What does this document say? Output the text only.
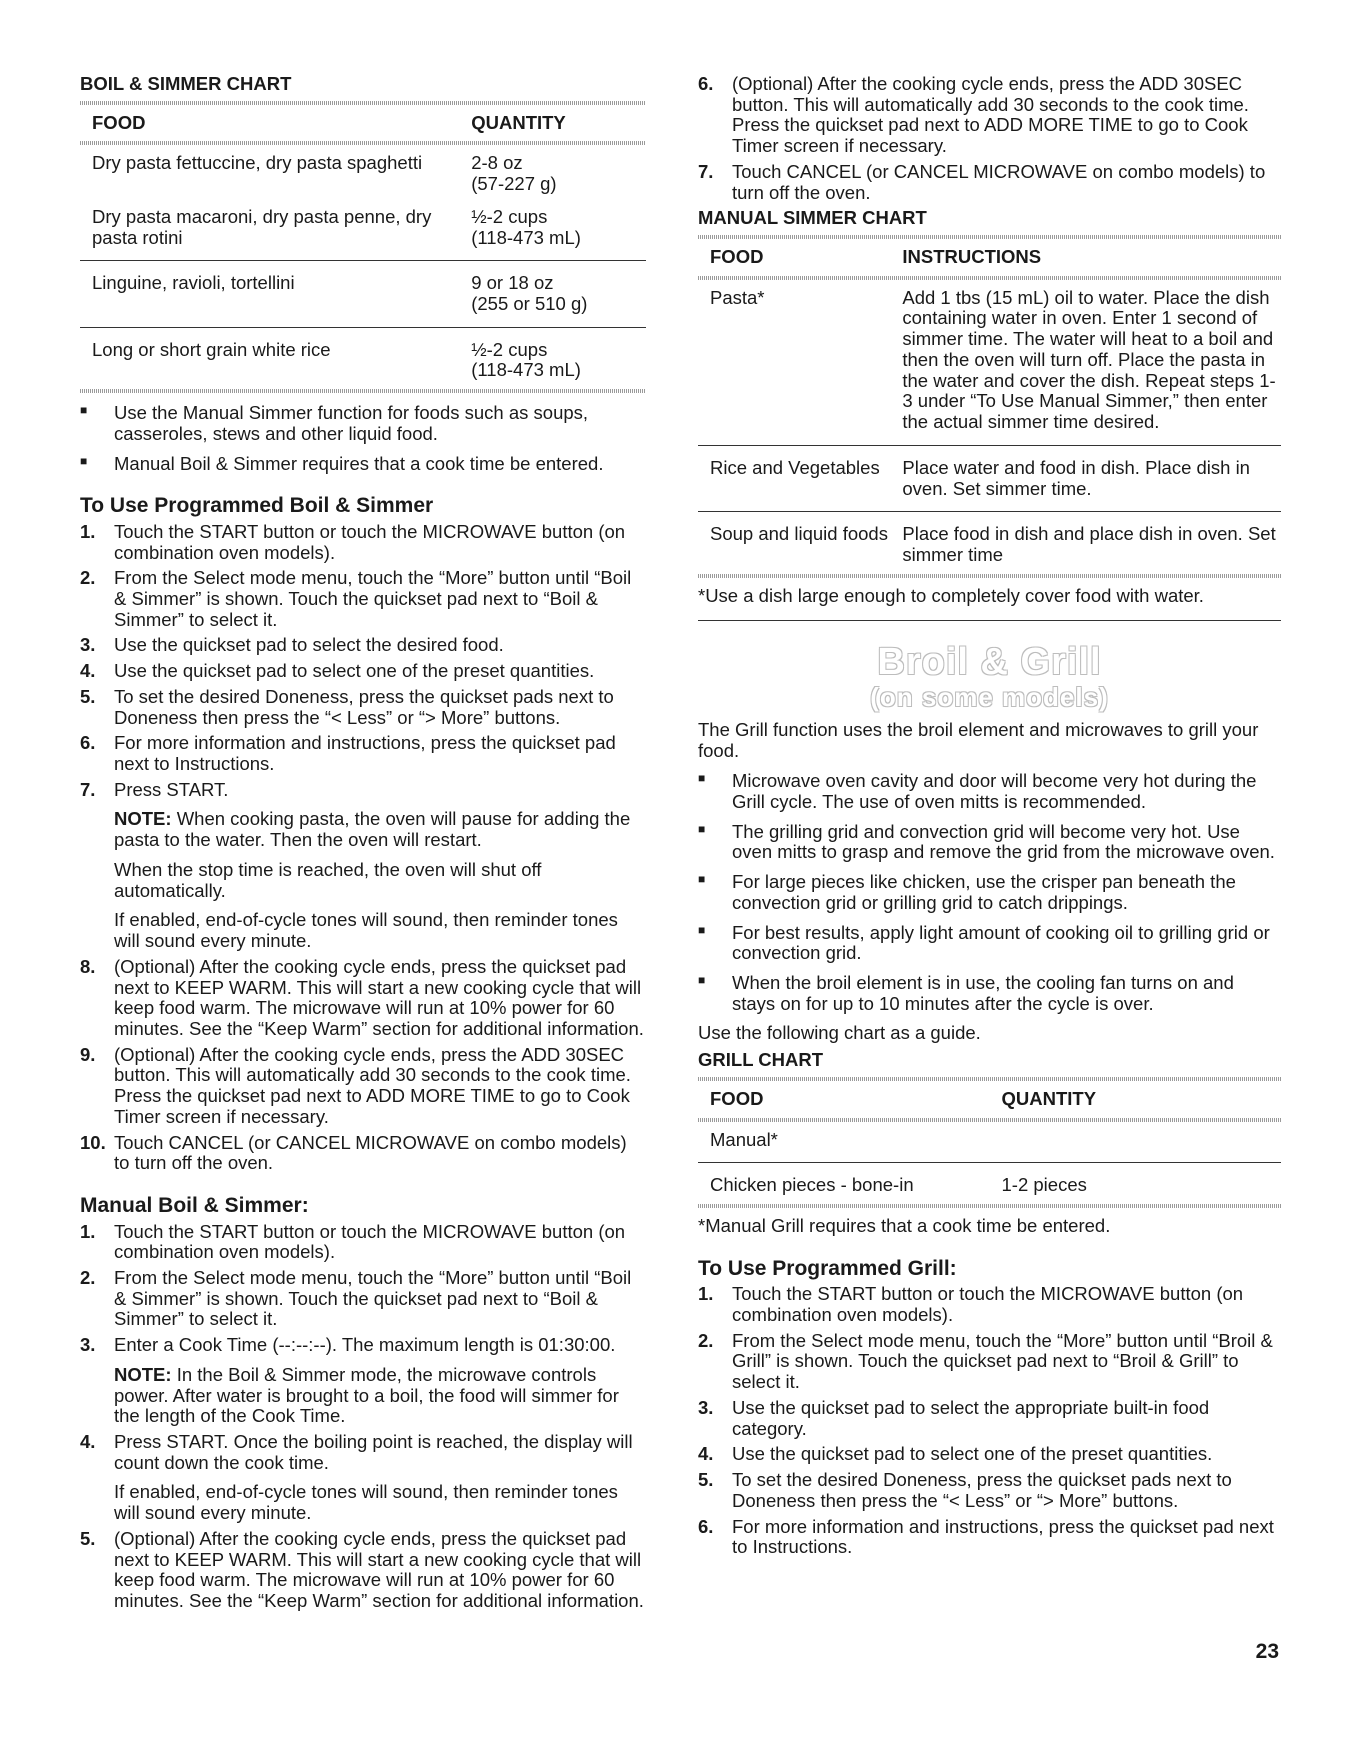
BOIL & SIMMER CHART
FOOD	QUANTITY

Dry pasta fettuccine, dry pasta spaghetti	2-8 oz
(57-227 g)
Dry pasta macaroni, dry pasta penne, dry pasta rotini	½-2 cups
(118-473 mL)
Linguine, ravioli, tortellini	9 or 18 oz
(255 or 510 g)
Long or short grain white rice	½-2 cups
(118-473 mL)
■ Use the Manual Simmer function for foods such as soups, casseroles, stews and other liquid food.
■ Manual Boil & Simmer requires that a cook time be entered.
To Use Programmed Boil & Simmer
1. Touch the START button or touch the MICROWAVE button (on combination oven models).

2. From the Select mode menu, touch the “More” button until “Boil & Simmer” is shown. Touch the quickset pad next to “Boil & Simmer” to select it.

3. Use the quickset pad to select the desired food.

4. Use the quickset pad to select one of the preset quantities.

5. To set the desired Doneness, press the quickset pads next to Doneness then press the “< Less” or “> More” buttons.

6. For more information and instructions, press the quickset pad next to Instructions.

7. Press START.

NOTE: When cooking pasta, the oven will pause for adding the pasta to the water. Then the oven will restart.

When the stop time is reached, the oven will shut off automatically.

If enabled, end-of-cycle tones will sound, then reminder tones will sound every minute.

8. (Optional) After the cooking cycle ends, press the quickset pad next to KEEP WARM. This will start a new cooking cycle that will keep food warm. The microwave will run at 10% power for 60 minutes. See the “Keep Warm” section for additional information.

9. (Optional) After the cooking cycle ends, press the ADD 30SEC button. This will automatically add 30 seconds to the cook time. Press the quickset pad next to ADD MORE TIME to go to Cook Timer screen if necessary.

10. Touch CANCEL (or CANCEL MICROWAVE on combo models) to turn off the oven.

Manual Boil & Simmer:
1. Touch the START button or touch the MICROWAVE button (on combination oven models).

2. From the Select mode menu, touch the “More” button until “Boil & Simmer” is shown. Touch the quickset pad next to “Boil & Simmer” to select it.

3. Enter a Cook Time (--:--:--). The maximum length is 01:30:00.

NOTE: In the Boil & Simmer mode, the microwave controls power. After water is brought to a boil, the food will simmer for the length of the Cook Time.

4. Press START. Once the boiling point is reached, the display will count down the cook time.

If enabled, end-of-cycle tones will sound, then reminder tones will sound every minute.

5. (Optional) After the cooking cycle ends, press the quickset pad next to KEEP WARM. This will start a new cooking cycle that will keep food warm. The microwave will run at 10% power for 60 minutes. See the “Keep Warm” section for additional information.

6. (Optional) After the cooking cycle ends, press the ADD 30SEC button. This will automatically add 30 seconds to the cook time. Press the quickset pad next to ADD MORE TIME to go to Cook Timer screen if necessary.

7. Touch CANCEL (or CANCEL MICROWAVE on combo models) to turn off the oven.

MANUAL SIMMER CHART
FOOD	INSTRUCTIONS

Pasta*	Add 1 tbs (15 mL) oil to water. Place the dish containing water in oven. Enter 1 second of simmer time. The water will heat to a boil and then the oven will turn off. Place the pasta in the water and cover the dish. Repeat steps 1-3 under “To Use Manual Simmer,” then enter the actual simmer time desired.
Rice and Vegetables	Place water and food in dish. Place dish in oven. Set simmer time.
Soup and liquid foods	Place food in dish and place dish in oven. Set simmer time

*Use a dish large enough to completely cover food with water.

Broil & Grill
(on some models)

The Grill function uses the broil element and microwaves to grill your food.

■ Microwave oven cavity and door will become very hot during the Grill cycle. The use of oven mitts is recommended.
■ The grilling grid and convection grid will become very hot. Use oven mitts to grasp and remove the grid from the microwave oven.
■ For large pieces like chicken, use the crisper pan beneath the convection grid or grilling grid to catch drippings.
■ For best results, apply light amount of cooking oil to grilling grid or convection grid.
■ When the broil element is in use, the cooling fan turns on and stays on for up to 10 minutes after the cycle is over.

Use the following chart as a guide.

GRILL CHART
FOOD	QUANTITY

Manual*	
Chicken pieces - bone-in	1-2 pieces

*Manual Grill requires that a cook time be entered.

To Use Programmed Grill:
1. Touch the START button or touch the MICROWAVE button (on combination oven models).

2. From the Select mode menu, touch the “More” button until “Broil & Grill” is shown. Touch the quickset pad next to “Broil & Grill” to select it.

3. Use the quickset pad to select the appropriate built-in food category.

4. Use the quickset pad to select one of the preset quantities.

5. To set the desired Doneness, press the quickset pads next to Doneness then press the “< Less” or “> More” buttons.

6. For more information and instructions, press the quickset pad next to Instructions.

23
